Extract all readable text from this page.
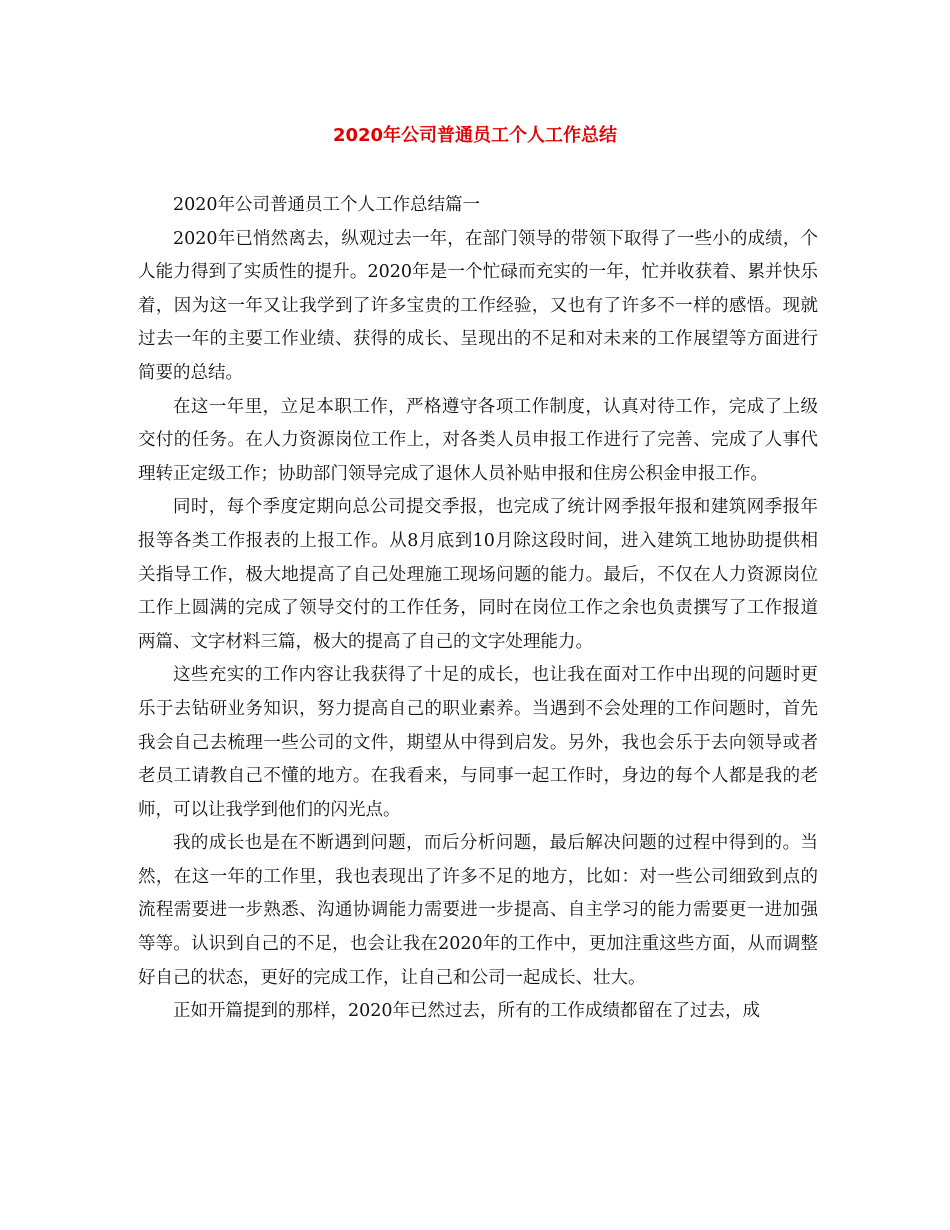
2020年公司普通员工个人工作总结

2020年公司普通员工个人工作总结篇一

2020年已悄然离去，纵观过去一年，在部门领导的带领下取得了一些小的成绩，个人能力得到了实质性的提升。2020年是一个忙碌而充实的一年，忙并收获着、累并快乐着，因为这一年又让我学到了许多宝贵的工作经验，又也有了许多不一样的感悟。现就过去一年的主要工作业绩、获得的成长、呈现出的不足和对未来的工作展望等方面进行简要的总结。

在这一年里，立足本职工作，严格遵守各项工作制度，认真对待工作，完成了上级交付的任务。在人力资源岗位工作上，对各类人员申报工作进行了完善、完成了人事代理转正定级工作；协助部门领导完成了退休人员补贴申报和住房公积金申报工作。

同时，每个季度定期向总公司提交季报，也完成了统计网季报年报和建筑网季报年报等各类工作报表的上报工作。从8月底到10月除这段时间，进入建筑工地协助提供相关指导工作，极大地提高了自己处理施工现场问题的能力。最后，不仅在人力资源岗位工作上圆满的完成了领导交付的工作任务，同时在岗位工作之余也负责撰写了工作报道两篇、文字材料三篇，极大的提高了自己的文字处理能力。

这些充实的工作内容让我获得了十足的成长，也让我在面对工作中出现的问题时更乐于去钻研业务知识，努力提高自己的职业素养。当遇到不会处理的工作问题时，首先我会自己去梳理一些公司的文件，期望从中得到启发。另外，我也会乐于去向领导或者老员工请教自己不懂的地方。在我看来，与同事一起工作时，身边的每个人都是我的老师，可以让我学到他们的闪光点。

我的成长也是在不断遇到问题，而后分析问题，最后解决问题的过程中得到的。当然，在这一年的工作里，我也表现出了许多不足的地方，比如：对一些公司细致到点的流程需要进一步熟悉、沟通协调能力需要进一步提高、自主学习的能力需要更一进加强等等。认识到自己的不足，也会让我在2020年的工作中，更加注重这些方面，从而调整好自己的状态，更好的完成工作，让自己和公司一起成长、壮大。

正如开篇提到的那样，2020年已然过去，所有的工作成绩都留在了过去，成
